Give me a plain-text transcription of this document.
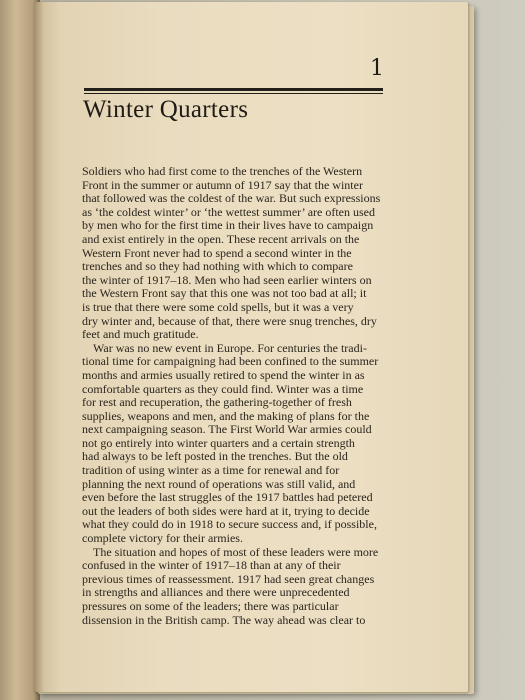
1
Winter Quarters

Soldiers who had first come to the trenches of the Western
Front in the summer or autumn of 1917 say that the winter
that followed was the coldest of the war. But such expressions
as ‘the coldest winter’ or ‘the wettest summer’ are often used
by men who for the first time in their lives have to campaign
and exist entirely in the open. These recent arrivals on the
Western Front never had to spend a second winter in the
trenches and so they had nothing with which to compare
the winter of 1917–18. Men who had seen earlier winters on
the Western Front say that this one was not too bad at all; it
is true that there were some cold spells, but it was a very
dry winter and, because of that, there were snug trenches, dry
feet and much gratitude.

War was no new event in Europe. For centuries the tradi-
tional time for campaigning had been confined to the summer
months and armies usually retired to spend the winter in as
comfortable quarters as they could find. Winter was a time
for rest and recuperation, the gathering-together of fresh
supplies, weapons and men, and the making of plans for the
next campaigning season. The First World War armies could
not go entirely into winter quarters and a certain strength
had always to be left posted in the trenches. But the old
tradition of using winter as a time for renewal and for
planning the next round of operations was still valid, and
even before the last struggles of the 1917 battles had petered
out the leaders of both sides were hard at it, trying to decide
what they could do in 1918 to secure success and, if possible,
complete victory for their armies.

The situation and hopes of most of these leaders were more
confused in the winter of 1917–18 than at any of their
previous times of reassessment. 1917 had seen great changes
in strengths and alliances and there were unprecedented
pressures on some of the leaders; there was particular
dissension in the British camp. The way ahead was clear to
